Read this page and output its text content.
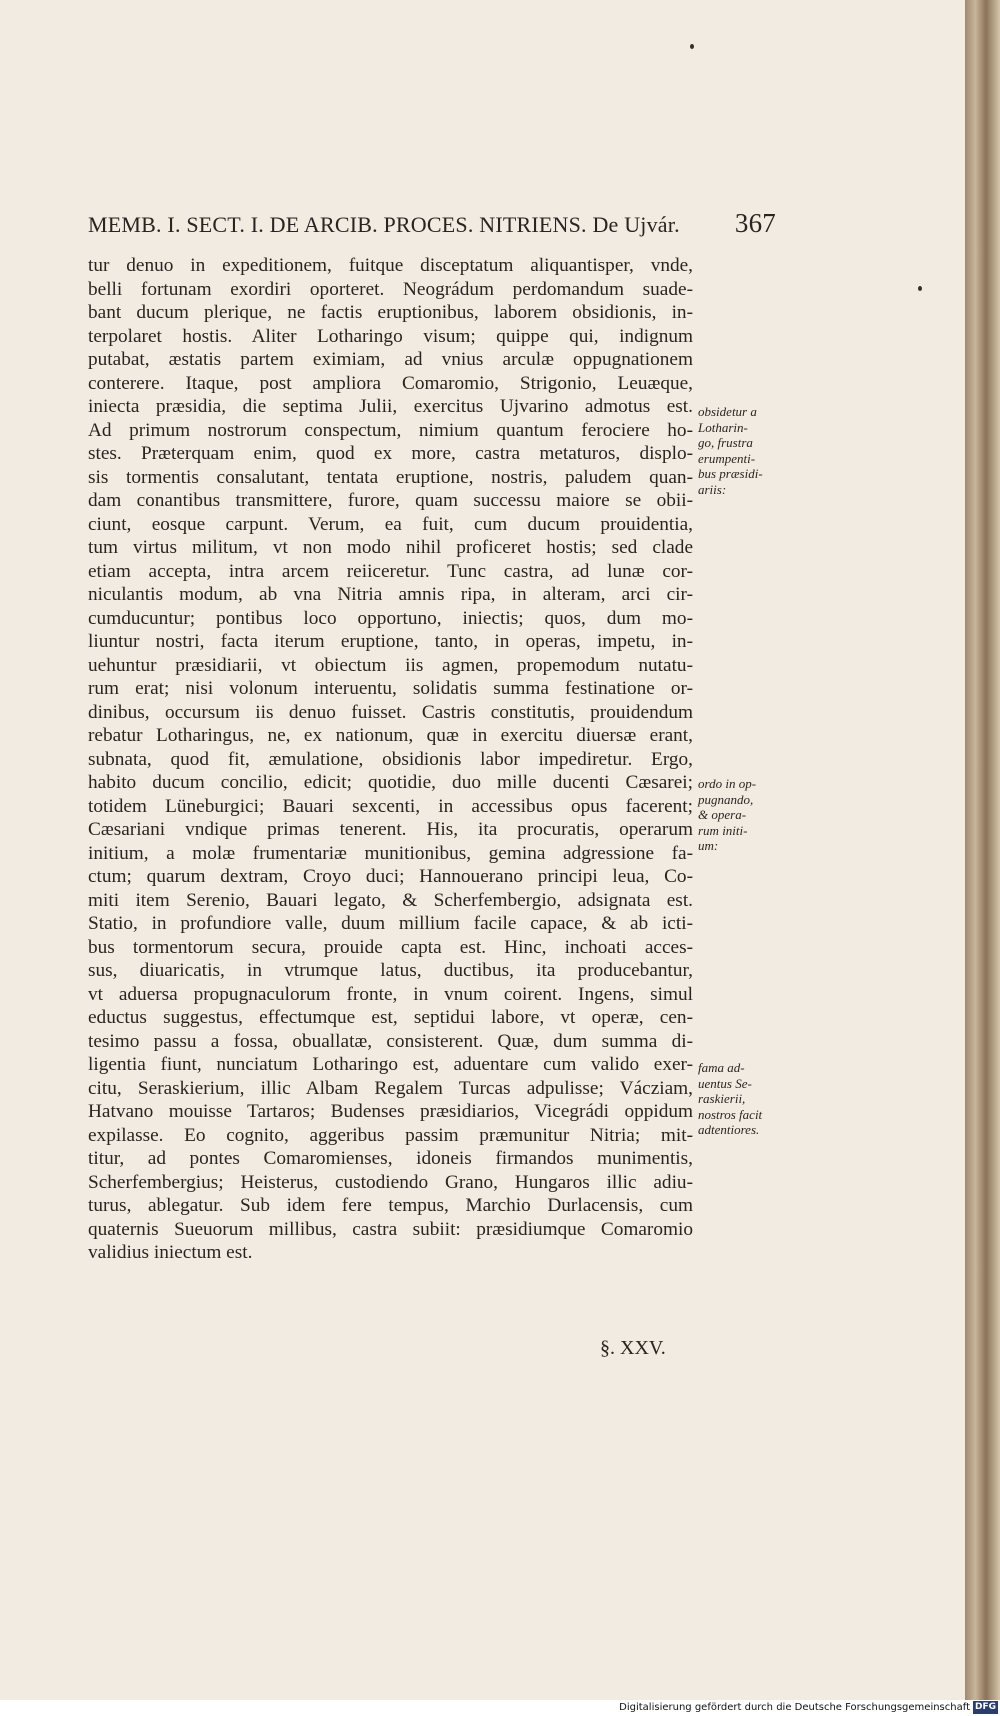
MEMB. I. SECT. I. DE ARCIB. PROCES. NITRIENS. De Ujvár. 367
tur denuo in expeditionem, fuitque disceptatum aliquantisper, vnde,
belli fortunam exordiri oporteret. Neográdum perdomandum suade-
bant ducum plerique, ne factis eruptionibus, laborem obsidionis, in-
terpolaret hostis. Aliter Lotharingo visum; quippe qui, indignum
putabat, æstatis partem eximiam, ad vnius arculæ oppugnationem
conterere. Itaque, post ampliora Comaromio, Strigonio, Leuæque,
iniecta præsidia, die septima Julii, exercitus Ujvarino admotus est.
Ad primum nostrorum conspectum, nimium quantum ferociere ho-
stes. Præterquam enim, quod ex more, castra metaturos, displo-
sis tormentis consalutant, tentata eruptione, nostris, paludem quan-
dam conantibus transmittere, furore, quam successu maiore se obii-
ciunt, eosque carpunt. Verum, ea fuit, cum ducum prouidentia,
tum virtus militum, vt non modo nihil proficeret hostis; sed clade
etiam accepta, intra arcem reiiceretur. Tunc castra, ad lunæ cor-
niculantis modum, ab vna Nitria amnis ripa, in alteram, arci cir-
cumducuntur; pontibus loco opportuno, iniectis; quos, dum mo-
liuntur nostri, facta iterum eruptione, tanto, in operas, impetu, in-
uehuntur præsidiarii, vt obiectum iis agmen, propemodum nutatu-
rum erat; nisi volonum interuentu, solidatis summa festinatione or-
dinibus, occursum iis denuo fuisset. Castris constitutis, prouidendum
rebatur Lotharingus, ne, ex nationum, quæ in exercitu diuersæ erant,
subnata, quod fit, æmulatione, obsidionis labor impediretur. Ergo,
habito ducum concilio, edicit; quotidie, duo mille ducenti Cæsarei;
totidem Lüneburgici; Bauari sexcenti, in accessibus opus facerent;
Cæsariani vndique primas tenerent. His, ita procuratis, operarum
initium, a molæ frumentariæ munitionibus, gemina adgressione fa-
ctum; quarum dextram, Croyo duci; Hannouerano principi leua, Co-
miti item Serenio, Bauari legato, & Scherfembergio, adsignata est.
Statio, in profundiore valle, duum millium facile capace, & ab icti-
bus tormentorum secura, prouide capta est. Hinc, inchoati acces-
sus, diuaricatis, in vtrumque latus, ductibus, ita producebantur,
vt aduersa propugnaculorum fronte, in vnum coirent. Ingens, simul
eductus suggestus, effectumque est, septidui labore, vt operæ, cen-
tesimo passu a fossa, obuallatæ, consisterent. Quæ, dum summa di-
ligentia fiunt, nunciatum Lotharingo est, aduentare cum valido exer-
citu, Seraskierium, illic Albam Regalem Turcas adpulisse; Vácziam,
Hatvano mouisse Tartaros; Budenses præsidiarios, Vicegrádi oppidum
expilasse. Eo cognito, aggeribus passim præmunitur Nitria; mit-
titur, ad pontes Comaromienses, idoneis firmandos munimentis,
Scherfembergius; Heisterus, custodiendo Grano, Hungaros illic adiu-
turus, ablegatur. Sub idem fere tempus, Marchio Durlacensis, cum
quaternis Sueuorum millibus, castra subiit: præsidiumque Comaromio
validius iniectum est.
obsidetur a
Lotharin-
go, frustra
erumpenti-
bus præsidi-
ariis:
ordo in op-
pugnando,
& opera-
rum initi-
um:
fama ad-
uentus Se-
raskierii,
nostros facit
adtentiores.
§. XXV.
Digitalisierung gefördert durch die Deutsche Forschungsgemeinschaft DFG
